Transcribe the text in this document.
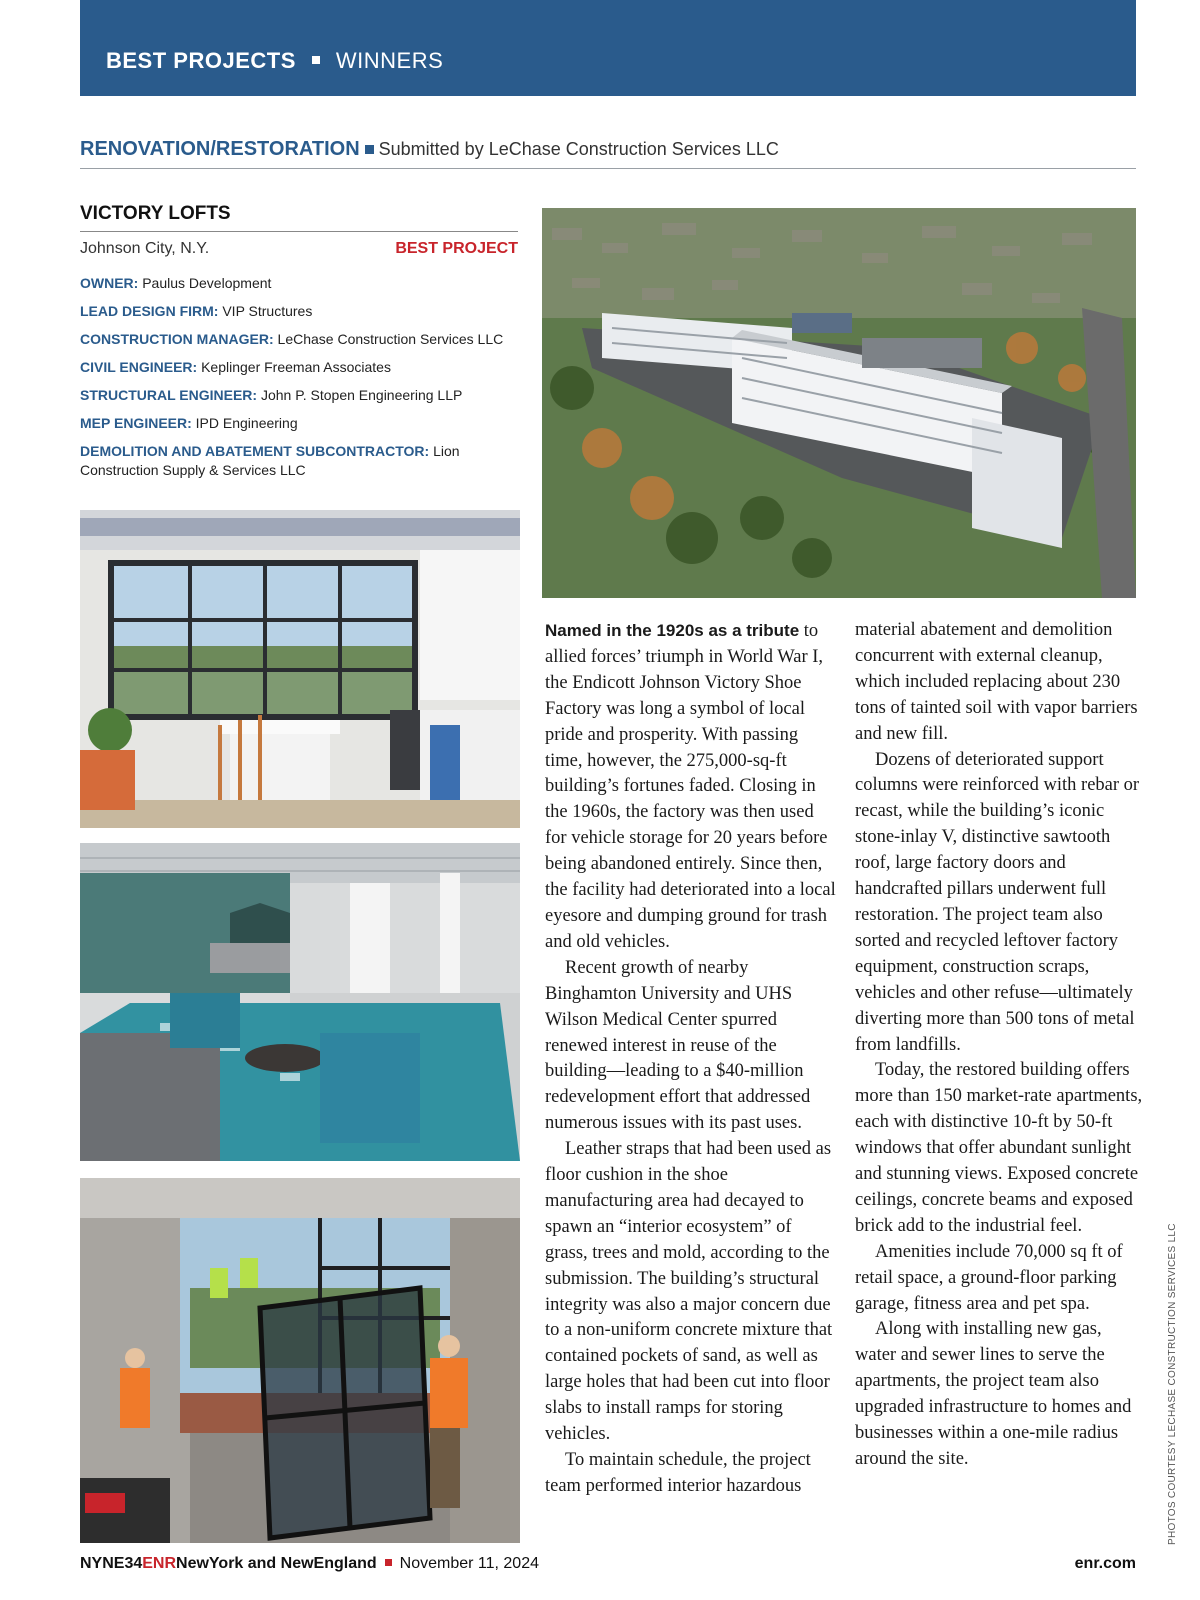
BEST PROJECTS WINNERS
RENOVATION/RESTORATION Submitted by LeChase Construction Services LLC
VICTORY LOFTS
Johnson City, N.Y.	BEST PROJECT
OWNER: Paulus Development
LEAD DESIGN FIRM: VIP Structures
CONSTRUCTION MANAGER: LeChase Construction Services LLC
CIVIL ENGINEER: Keplinger Freeman Associates
STRUCTURAL ENGINEER: John P. Stopen Engineering LLP
MEP ENGINEER: IPD Engineering
DEMOLITION AND ABATEMENT SUBCONTRACTOR: Lion Construction Supply & Services LLC

Named in the 1920s as a tribute to allied forces’ triumph in World War I, the Endicott Johnson Victory Shoe Factory was long a symbol of local pride and prosperity. With passing time, however, the 275,000-sq-ft building’s fortunes faded. Closing in the 1960s, the factory was then used for vehicle storage for 20 years before being abandoned entirely. Since then, the facility had deteriorated into a local eyesore and dumping ground for trash and old vehicles.

Recent growth of nearby Binghamton University and UHS Wilson Medical Center spurred renewed interest in reuse of the building—leading to a $40-million redevelopment effort that addressed numerous issues with its past uses.

Leather straps that had been used as floor cushion in the shoe manufacturing area had decayed to spawn an “interior ecosystem” of grass, trees and mold, according to the submission. The building’s structural integrity was also a major concern due to a non-uniform concrete mixture that contained pockets of sand, as well as large holes that had been cut into floor slabs to install ramps for storing vehicles.

To maintain schedule, the project team performed interior hazardous

material abatement and demolition concurrent with external cleanup, which included replacing about 230 tons of tainted soil with vapor barriers and new fill.

Dozens of deteriorated support columns were reinforced with rebar or recast, while the building’s iconic stone-inlay V, distinctive sawtooth roof, large factory doors and handcrafted pillars underwent full restoration. The project team also sorted and recycled leftover factory equipment, construction scraps, vehicles and other refuse—ultimately diverting more than 500 tons of metal from landfills.

Today, the restored building offers more than 150 market-rate apartments, each with distinctive 10-ft by 50-ft windows that offer abundant sunlight and stunning views. Exposed concrete ceilings, concrete beams and exposed brick add to the industrial feel.

Amenities include 70,000 sq ft of retail space, a ground-floor parking garage, fitness area and pet spa.

Along with installing new gas, water and sewer lines to serve the apartments, the project team also upgraded infrastructure to homes and businesses within a one-mile radius around the site.	PHOTOS COURTESY LECHASE CONSTRUCTION SERVICES LLC
NYNE34ENRNewYork and NewEngland November 11, 2024	enr.com
